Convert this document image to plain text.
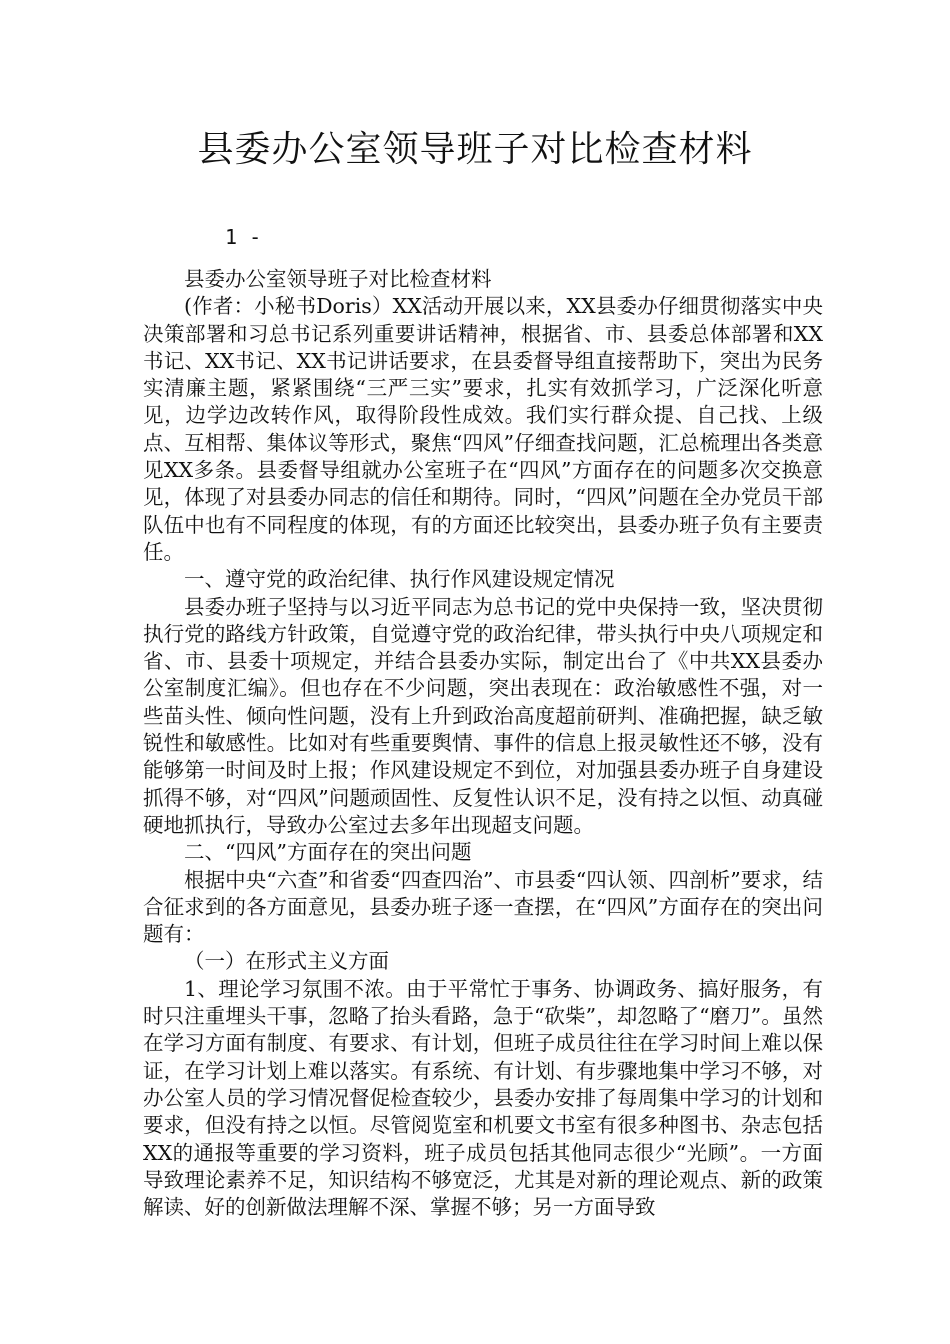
县委办公室领导班子对比检查材料
1 -

县委办公室领导班子对比检查材料

(作者：小秘书Doris）XX活动开展以来，XX县委办仔细贯彻落实中央决策部署和习总书记系列重要讲话精神，根据省、市、县委总体部署和XX书记、XX书记、XX书记讲话要求，在县委督导组直接帮助下，突出为民务实清廉主题，紧紧围绕“三严三实”要求，扎实有效抓学习，广泛深化听意见，边学边改转作风，取得阶段性成效。我们实行群众提、自己找、上级点、互相帮、集体议等形式，聚焦“四风”仔细查找问题，汇总梳理出各类意见XX多条。县委督导组就办公室班子在“四风”方面存在的问题多次交换意见，体现了对县委办同志的信任和期待。同时，“四风”问题在全办党员干部队伍中也有不同程度的体现，有的方面还比较突出，县委办班子负有主要责任。

一、遵守党的政治纪律、执行作风建设规定情况

县委办班子坚持与以习近平同志为总书记的党中央保持一致，坚决贯彻执行党的路线方针政策，自觉遵守党的政治纪律，带头执行中央八项规定和省、市、县委十项规定，并结合县委办实际，制定出台了《中共XX县委办公室制度汇编》。但也存在不少问题，突出表现在：政治敏感性不强，对一些苗头性、倾向性问题，没有上升到政治高度超前研判、准确把握，缺乏敏锐性和敏感性。比如对有些重要舆情、事件的信息上报灵敏性还不够，没有能够第一时间及时上报；作风建设规定不到位，对加强县委办班子自身建设抓得不够，对“四风”问题顽固性、反复性认识不足，没有持之以恒、动真碰硬地抓执行，导致办公室过去多年出现超支问题。

二、“四风”方面存在的突出问题

根据中央“六查”和省委“四查四治”、市县委“四认领、四剖析”要求，结合征求到的各方面意见，县委办班子逐一查摆，在“四风”方面存在的突出问题有：

（一）在形式主义方面

1、理论学习氛围不浓。由于平常忙于事务、协调政务、搞好服务，有时只注重埋头干事，忽略了抬头看路，急于“砍柴”，却忽略了“磨刀”。虽然在学习方面有制度、有要求、有计划，但班子成员往往在学习时间上难以保证，在学习计划上难以落实。有系统、有计划、有步骤地集中学习不够，对办公室人员的学习情况督促检查较少，县委办安排了每周集中学习的计划和要求，但没有持之以恒。尽管阅览室和机要文书室有很多种图书、杂志包括XX的通报等重要的学习资料，班子成员包括其他同志很少“光顾”。一方面导致理论素养不足，知识结构不够宽泛，尤其是对新的理论观点、新的政策解读、好的创新做法理解不深、掌握不够；另一方面导致
